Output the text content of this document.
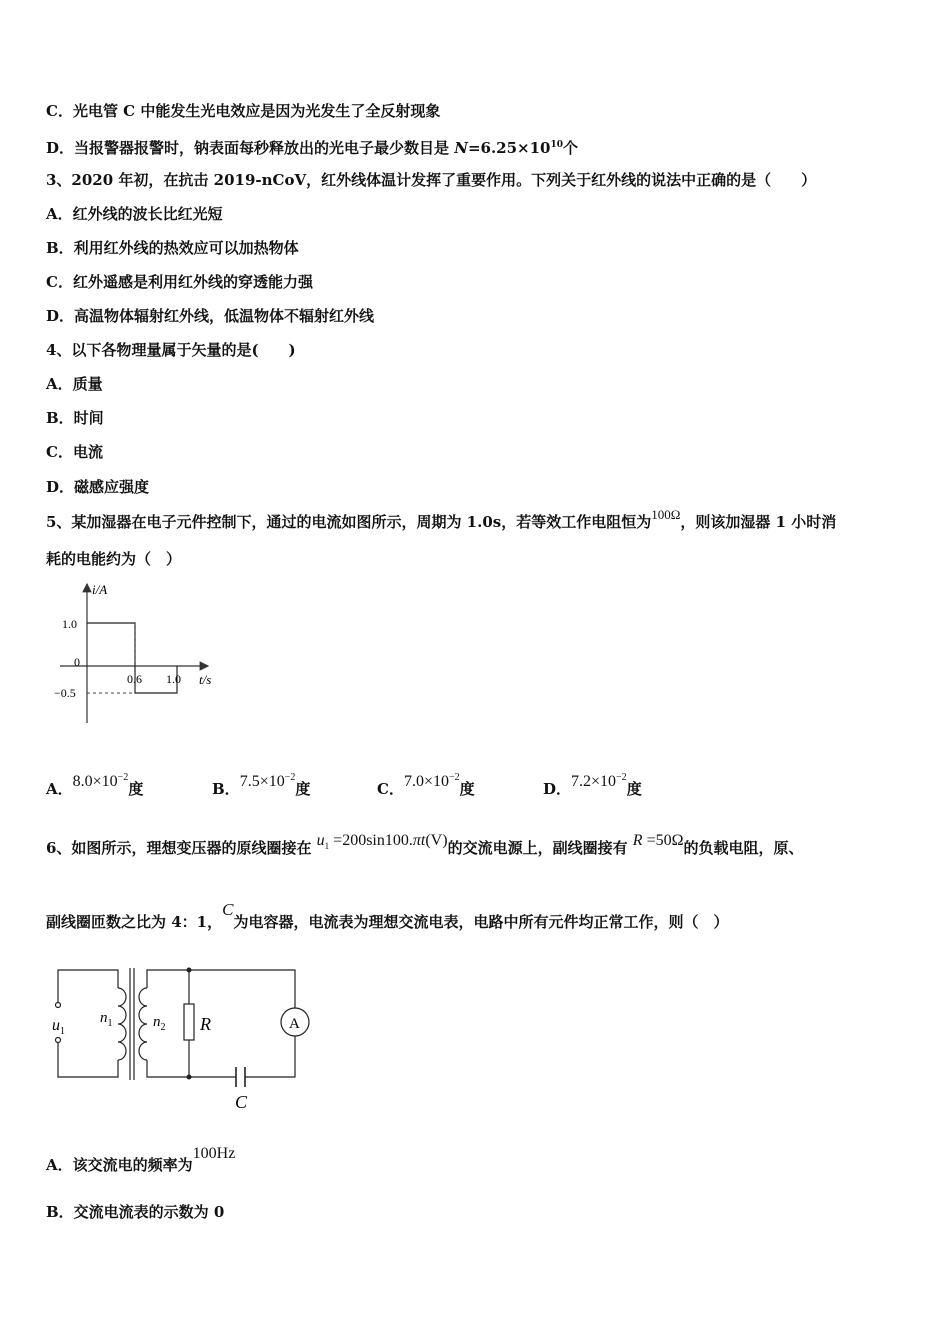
C．光电管 C 中能发生光电效应是因为光发生了全反射现象
D．当报警器报警时，钠表面每秒释放出的光电子最少数目是 $N=6.25\times 10^{10}$个
3、2020 年初，在抗击 2019-nCoV，红外线体温计发挥了重要作用。下列关于红外线的说法中正确的是（　　）
A．红外线的波长比红光短
B．利用红外线的热效应可以加热物体
C．红外遥感是利用红外线的穿透能力强
D．高温物体辐射红外线，低温物体不辐射红外线
4、以下各物理量属于矢量的是(　　)
A．质量
B．时间
C．电流
D．磁感应强度
5、某加湿器在电子元件控制下，通过的电流如图所示，周期为 1.0s，若等效工作电阻恒为100Ω，则该加湿器 1 小时消
耗的电能约为（　）
i/A
1.0
0
−0.5
0.6 1.0 t/s
A．$8.0\times 10^{-2}$度	B．$7.5\times 10^{-2}$度	C．$7.0\times 10^{-2}$度	D．$7.2\times 10^{-2}$度
6、如图所示，理想变压器的原线圈接在 $u_1 =200\sin 100.\pi t(V)$的交流电源上，副线圈接有 R =50Ω的负载电阻，原、
副线圈匝数之比为 4：1，C为电容器，电流表为理想交流电表，电路中所有元件均正常工作，则（　）
$u_1$
$n_1$	$n_2$ R	A
C
A．该交流电的频率为100Hz
B．交流电流表的示数为 0
